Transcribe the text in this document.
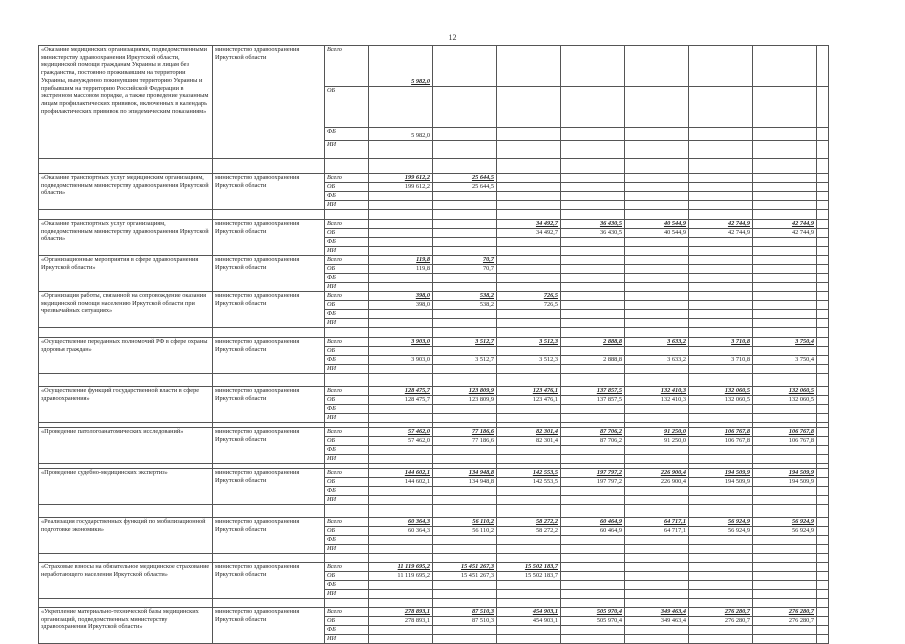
12
«Оказание медицинских организациями, подведомственными министерству здравоохранения Иркутской области, медицинской помощи гражданам Украины и лицам без гражданства, постоянно проживавшим на территории Украины, вынужденно покинувшим территорию Украины и прибывшим на территорию Российской Федерации в экстренном массовом порядке, а также проведение указанным лицам профилактических прививок, включенных в календарь профилактических прививок по эпидемическим показаниям»	министерство здравоохранения Иркутской области	Всего	5 982,0							
		ОБ								
		ФБ	5 982,0							
		ИИ								

«Оказание транспортных услуг медицинским организациям, подведомственным министерству здравоохранения Иркутской области»	министерство здравоохранения Иркутской области	Всего	199 612,2	25 644,5						
		ОБ	199 612,2	25 644,5						
		ФБ								
		ИИ								

«Оказание транспортных услуг организациям, подведомственным министерству здравоохранения Иркутской области»	министерство здравоохранения Иркутской области	Всего			34 492,7	36 430,5	40 544,9	42 744,9	42 744,9	
		ОБ			34 492,7	36 430,5	40 544,9	42 744,9	42 744,9	
		ФБ								
		ИИ								
«Организационные мероприятия в сфере здравоохранения Иркутской области»	министерство здравоохранения Иркутской области	Всего	119,8	70,7						
		ОБ	119,8	70,7						
		ФБ								
		ИИ								
«Организация работы, связанной на сопровождение оказания медицинской помощи населению Иркутской области при чрезвычайных ситуациях»	министерство здравоохранения Иркутской области	Всего	398,0	538,2	726,5					
		ОБ	398,0	538,2	726,5					
		ФБ								
		ИИ								

«Осуществление переданных полномочий РФ в сфере охраны здоровья граждан»	министерство здравоохранения Иркутской области	Всего	3 903,0	3 512,7	3 512,3	2 888,8	3 633,2	3 710,8	3 750,4	
		ОБ								
		ФБ	3 903,0	3 512,7	3 512,3	2 888,8	3 633,2	3 710,8	3 750,4	
		ИИ								

«Осуществление функций государственной власти в сфере здравоохранения»	министерство здравоохранения Иркутской области	Всего	128 475,7	123 809,9	123 476,1	137 857,5	132 410,3	132 060,5	132 060,5	
		ОБ	128 475,7	123 809,9	123 476,1	137 857,5	132 410,3	132 060,5	132 060,5	
		ФБ								
		ИИ								

«Проведение патологоанатомических исследований»	министерство здравоохранения Иркутской области	Всего	57 462,0	77 186,6	82 301,4	87 706,2	91 250,0	106 767,8	106 767,8	
		ОБ	57 462,0	77 186,6	82 301,4	87 706,2	91 250,0	106 767,8	106 767,8	
		ФБ								
		ИИ								

«Проведение судебно-медицинских экспертиз»	министерство здравоохранения Иркутской области	Всего	144 602,1	134 948,8	142 553,5	197 797,2	226 900,4	194 509,9	194 509,9	
		ОБ	144 602,1	134 948,8	142 553,5	197 797,2	226 900,4	194 509,9	194 509,9	
		ФБ								
		ИИ								

«Реализация государственных функций по мобилизационной подготовке экономики»	министерство здравоохранения Иркутской области	Всего	60 364,3	56 110,2	58 272,2	60 464,9	64 717,1	56 924,9	56 924,9	
		ОБ	60 364,3	56 110,2	58 272,2	60 464,9	64 717,1	56 924,9	56 924,9	
		ФБ								
		ИИ								

«Страховые взносы на обязательное медицинское страхование неработающего населения Иркутской области»	министерство здравоохранения Иркутской области	Всего	11 119 695,2	15 451 267,3	15 502 183,7					
		ОБ	11 119 695,2	15 451 267,3	15 502 183,7					
		ФБ								
		ИИ								

«Укрепление материально-технической базы медицинских организаций, подведомственных министерству здравоохранения Иркутской области»	министерство здравоохранения Иркутской области	Всего	278 893,1	87 510,3	454 903,1	505 970,4	349 463,4	276 280,7	276 280,7	
		ОБ	278 893,1	87 510,3	454 903,1	505 970,4	349 463,4	276 280,7	276 280,7	
		ФБ								
		ИИ								
